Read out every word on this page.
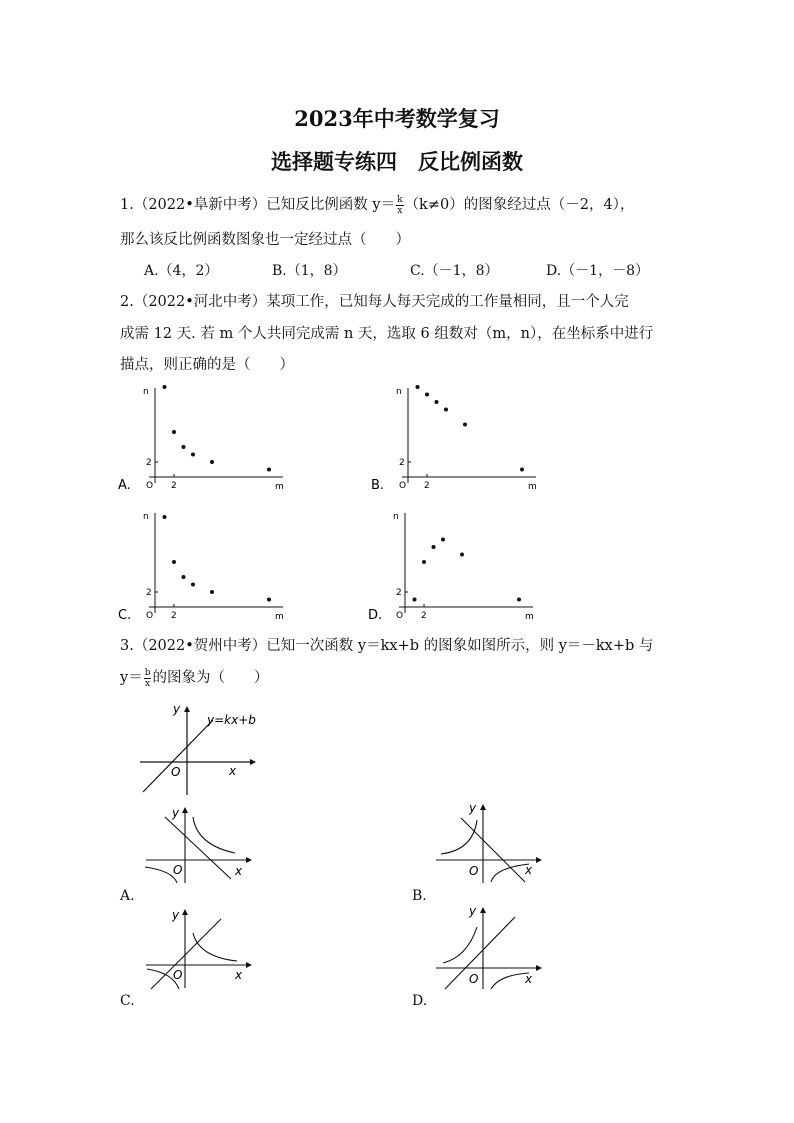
2023年中考数学复习
选择题专练四　反比例函数
1.（2022•阜新中考）已知反比例函数 $y= \frac{k}{x} (k\ne 0)$的图象经过点（－2，4），
那么该反比例函数图象也一定经过点（　　）
A.（4，2）	B.（1，8）	C.（－1，8）	D.（－1，－8）
2.（2022•河北中考）某项工作，已知每人每天完成的工作量相同，且一个人完
成需 12 天. 若 m 个人共同完成需 n 天，选取 6 组数对（m，n），在坐标系中进行
描点，则正确的是（　　）
A.	2
2
O	m
n
B.	2
2
O	m
n
C.	2
2
O	m
n
D.	2
2
O	m
n
3.（2022•贺州中考）已知一次函数 y＝kx+b 的图象如图所示，则 y＝－kx+b 与
$y= \frac{b}{x}$ 的图象为（　　）
y
x
O
y=kx+b
y
x
O
A.
y
x
O
B.
y
x
O
C.
y
x
O
D.
